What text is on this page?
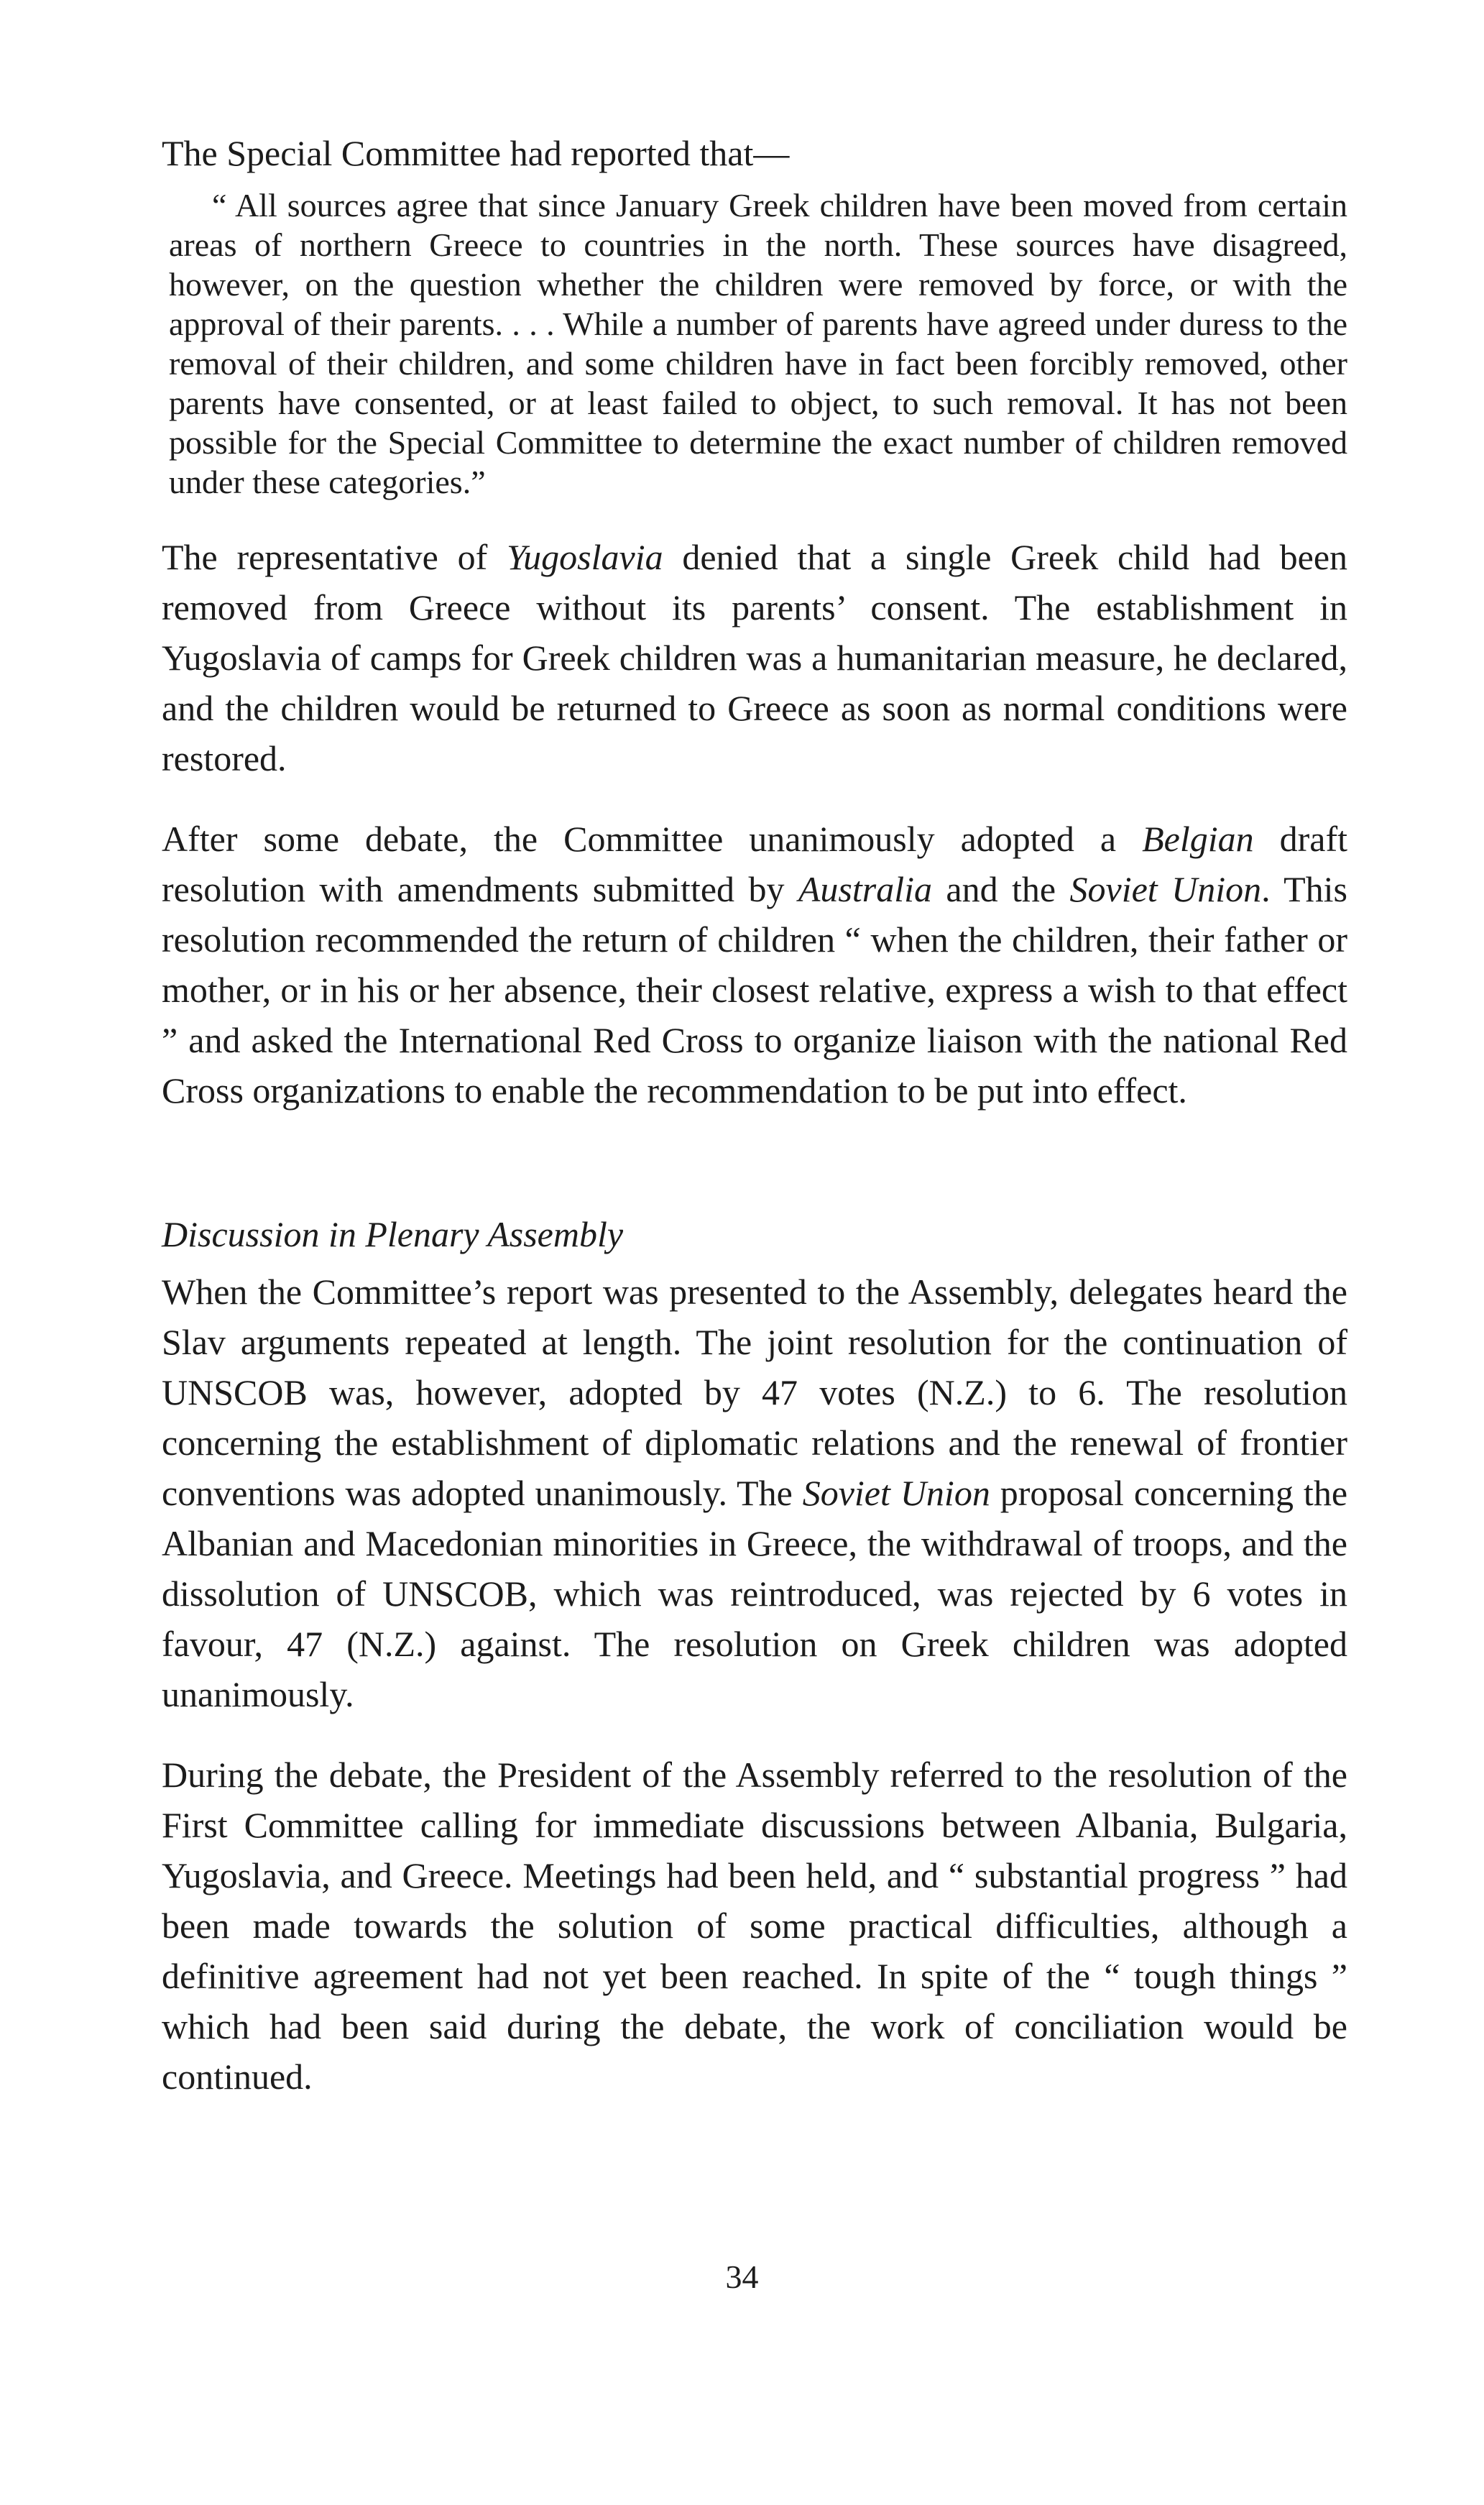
The Special Committee had reported that—

“ All sources agree that since January Greek children have been moved from certain areas of northern Greece to countries in the north. These sources have disagreed, however, on the question whether the children were removed by force, or with the approval of their parents. . . . While a number of parents have agreed under duress to the removal of their children, and some children have in fact been forcibly removed, other parents have consented, or at least failed to object, to such removal. It has not been possible for the Special Committee to determine the exact number of children removed under these categories.”

The representative of Yugoslavia denied that a single Greek child had been removed from Greece without its parents’ consent. The establishment in Yugoslavia of camps for Greek children was a humanitarian measure, he declared, and the children would be returned to Greece as soon as normal conditions were restored.

After some debate, the Committee unanimously adopted a Belgian draft resolution with amendments submitted by Australia and the Soviet Union. This resolution recommended the return of children “ when the children, their father or mother, or in his or her absence, their closest relative, express a wish to that effect ” and asked the International Red Cross to organize liaison with the national Red Cross organizations to enable the recommendation to be put into effect.

Discussion in Plenary Assembly

When the Committee’s report was presented to the Assembly, delegates heard the Slav arguments repeated at length. The joint resolution for the continuation of UNSCOB was, however, adopted by 47 votes (N.Z.) to 6. The resolution concerning the establishment of diplomatic relations and the renewal of frontier conventions was adopted unanimously. The Soviet Union proposal concerning the Albanian and Macedonian minorities in Greece, the withdrawal of troops, and the dissolution of UNSCOB, which was reintroduced, was rejected by 6 votes in favour, 47 (N.Z.) against. The resolution on Greek children was adopted unanimously.

During the debate, the President of the Assembly referred to the resolution of the First Committee calling for immediate discussions between Albania, Bulgaria, Yugoslavia, and Greece. Meetings had been held, and “ substantial progress ” had been made towards the solution of some practical difficulties, although a definitive agreement had not yet been reached. In spite of the “ tough things ” which had been said during the debate, the work of conciliation would be continued.

34
